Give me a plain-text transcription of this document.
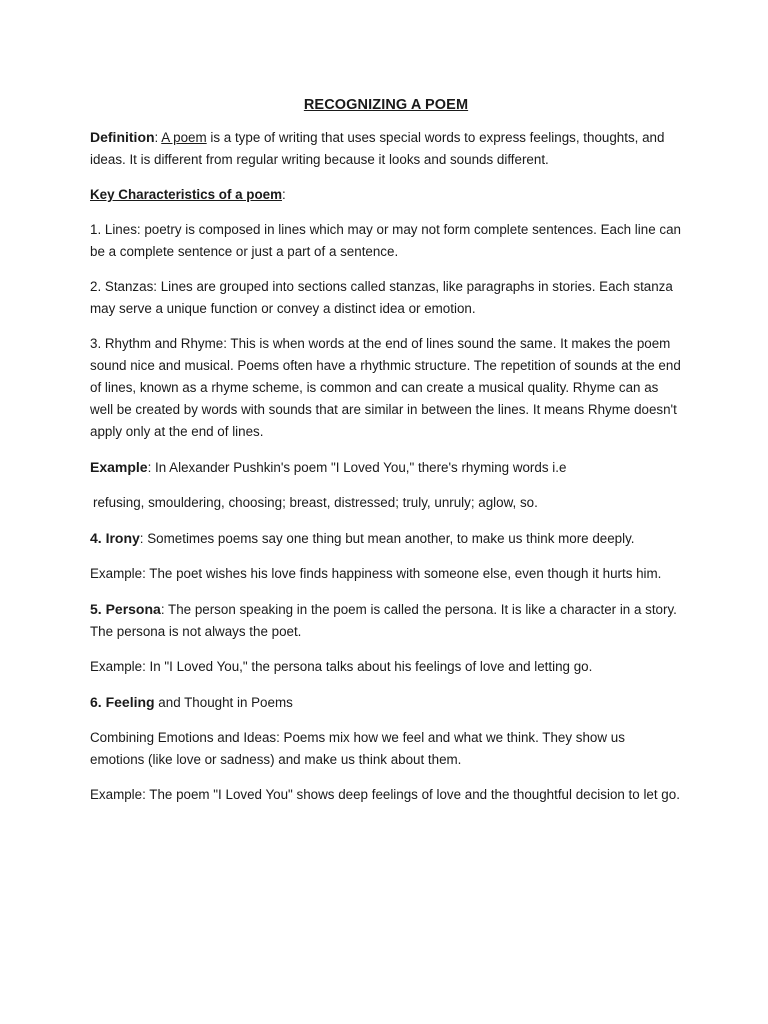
RECOGNIZING A POEM

Definition: A poem is a type of writing that uses special words to express feelings, thoughts, and ideas. It is different from regular writing because it looks and sounds different.

Key Characteristics of a poem:

1. Lines: poetry is composed in lines which may or may not form complete sentences. Each line can be a complete sentence or just a part of a sentence.

2. Stanzas: Lines are grouped into sections called stanzas, like paragraphs in stories. Each stanza may serve a unique function or convey a distinct idea or emotion.

3. Rhythm and Rhyme: This is when words at the end of lines sound the same. It makes the poem sound nice and musical. Poems often have a rhythmic structure. The repetition of sounds at the end of lines, known as a rhyme scheme, is common and can create a musical quality. Rhyme can as well be created by words with sounds that are similar in between the lines. It means Rhyme doesn't apply only at the end of lines.

Example: In Alexander Pushkin's poem "I Loved You," there's rhyming words i.e

refusing, smouldering, choosing; breast, distressed; truly, unruly; aglow, so.

4. Irony: Sometimes poems say one thing but mean another, to make us think more deeply.

Example: The poet wishes his love finds happiness with someone else, even though it hurts him.

5. Persona: The person speaking in the poem is called the persona. It is like a character in a story. The persona is not always the poet.

Example: In "I Loved You," the persona talks about his feelings of love and letting go.

6. Feeling and Thought in Poems

Combining Emotions and Ideas: Poems mix how we feel and what we think. They show us emotions (like love or sadness) and make us think about them.

Example: The poem "I Loved You" shows deep feelings of love and the thoughtful decision to let go.
